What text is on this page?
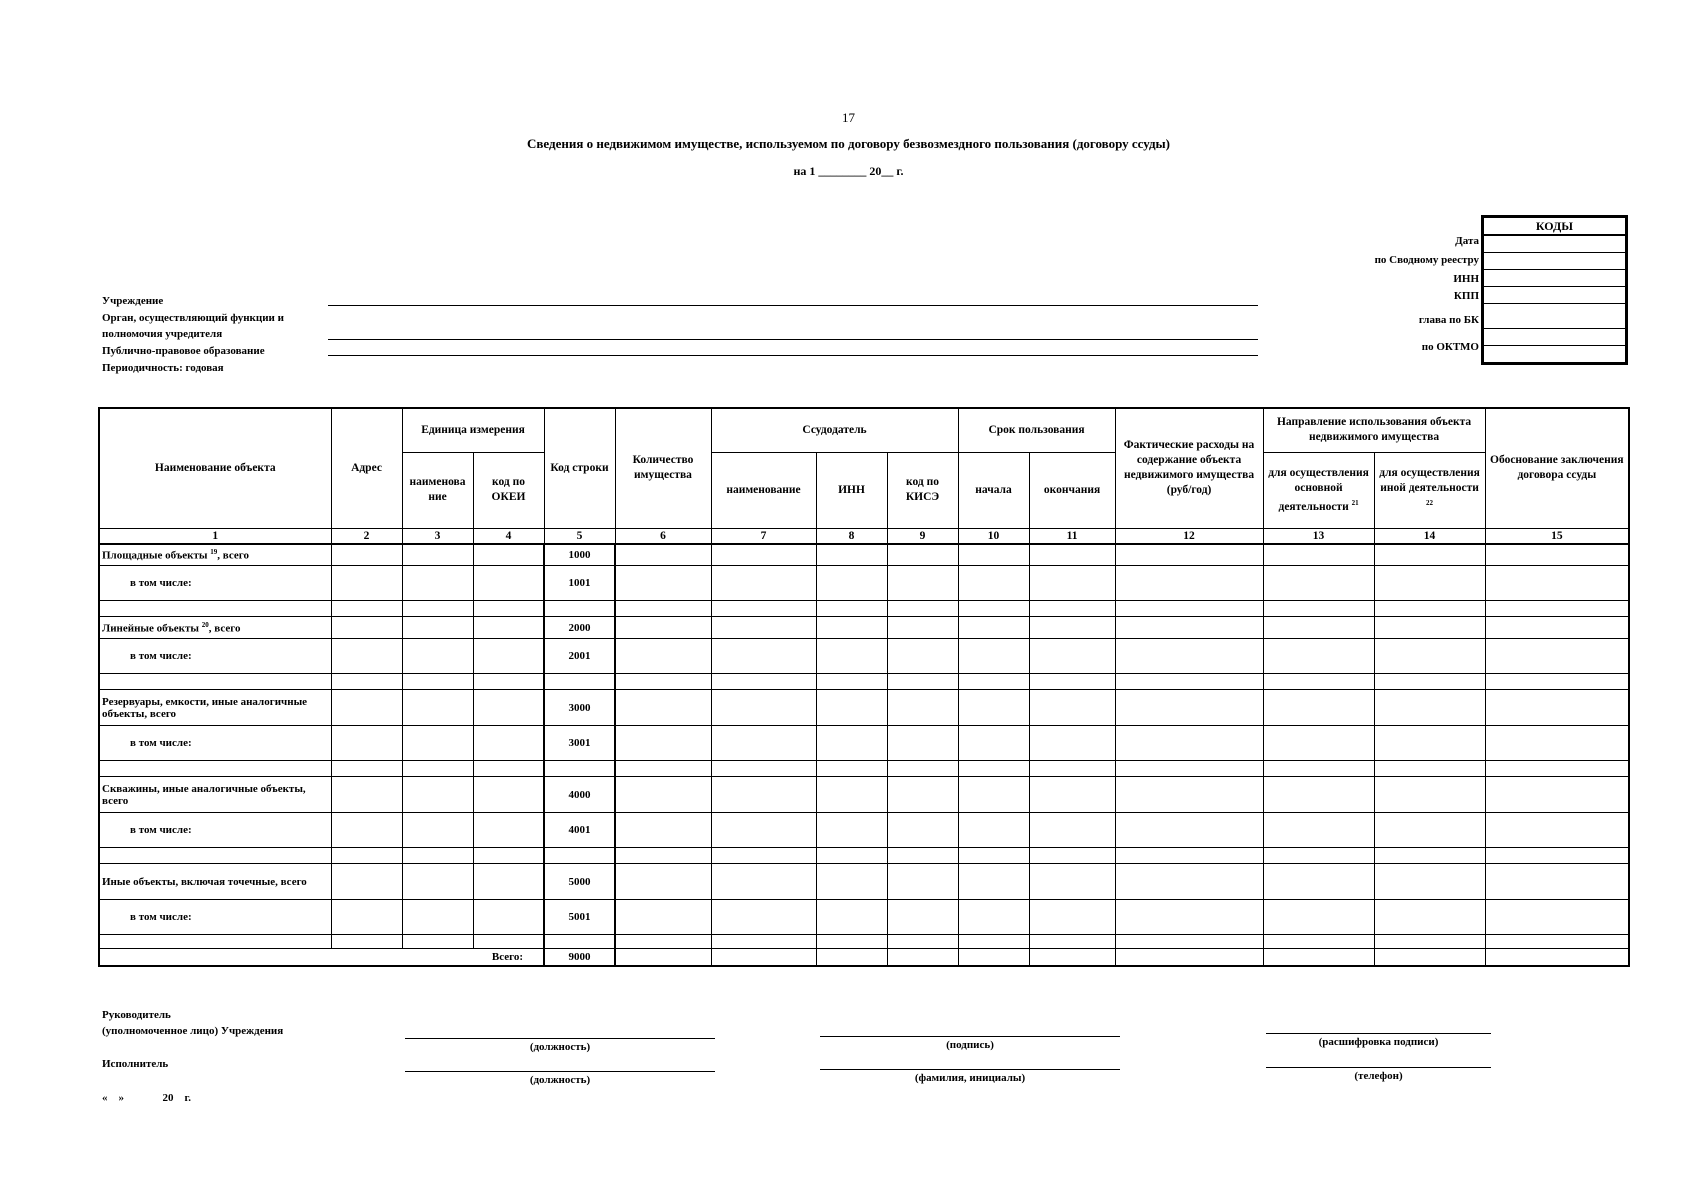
17
Сведения о недвижимом имуществе, используемом по договору безвозмездного пользования (договору ссуды)
на 1 ________ 20__ г.
КОДЫ

Дата
по Сводному реестру
ИНН
КПП
глава по БК
по ОКТМО
Учреждение
Орган, осуществляющий функции и полномочия учредителя
Публично-правовое образование
Периодичность: годовая
Наименование объекта	Адрес	Единица измерения		Код строки	Количество имущества	Ссудодатель			Срок пользования		Фактические расходы на содержание объекта недвижимого имущества (руб/год)	Направление использования объекта недвижимого имущества		Обоснование заключения договора ссуды
		наименова ние	код по ОКЕИ			наименование	ИНН	код по КИСЭ	начала	окончания		для осуществления основной деятельности $^{21}$	для осуществления иной деятельности $^{22}$
1	2	3	4	5	6	7	8	9	10	11	12	13	14	15
Площадные объекты $^{19}$, всего				1000										
в том числе:				1001										

Линейные объекты $^{20}$, всего				2000										
в том числе:				2001										

Резервуары, емкости, иные аналогичные объекты, всего				3000										
в том числе:				3001										

Скважины, иные аналогичные объекты, всего				4000										
в том числе:				4001										

Иные объекты, включая точечные, всего				5000										
в том числе:				5001										

Всего:				9000										
Руководитель
(уполномоченное лицо) Учреждения
Исполнитель
«    »              20    г.
(должность)	(подпись)	(расшифровка подписи)
(должность)	(фамилия, инициалы)	(телефон)
